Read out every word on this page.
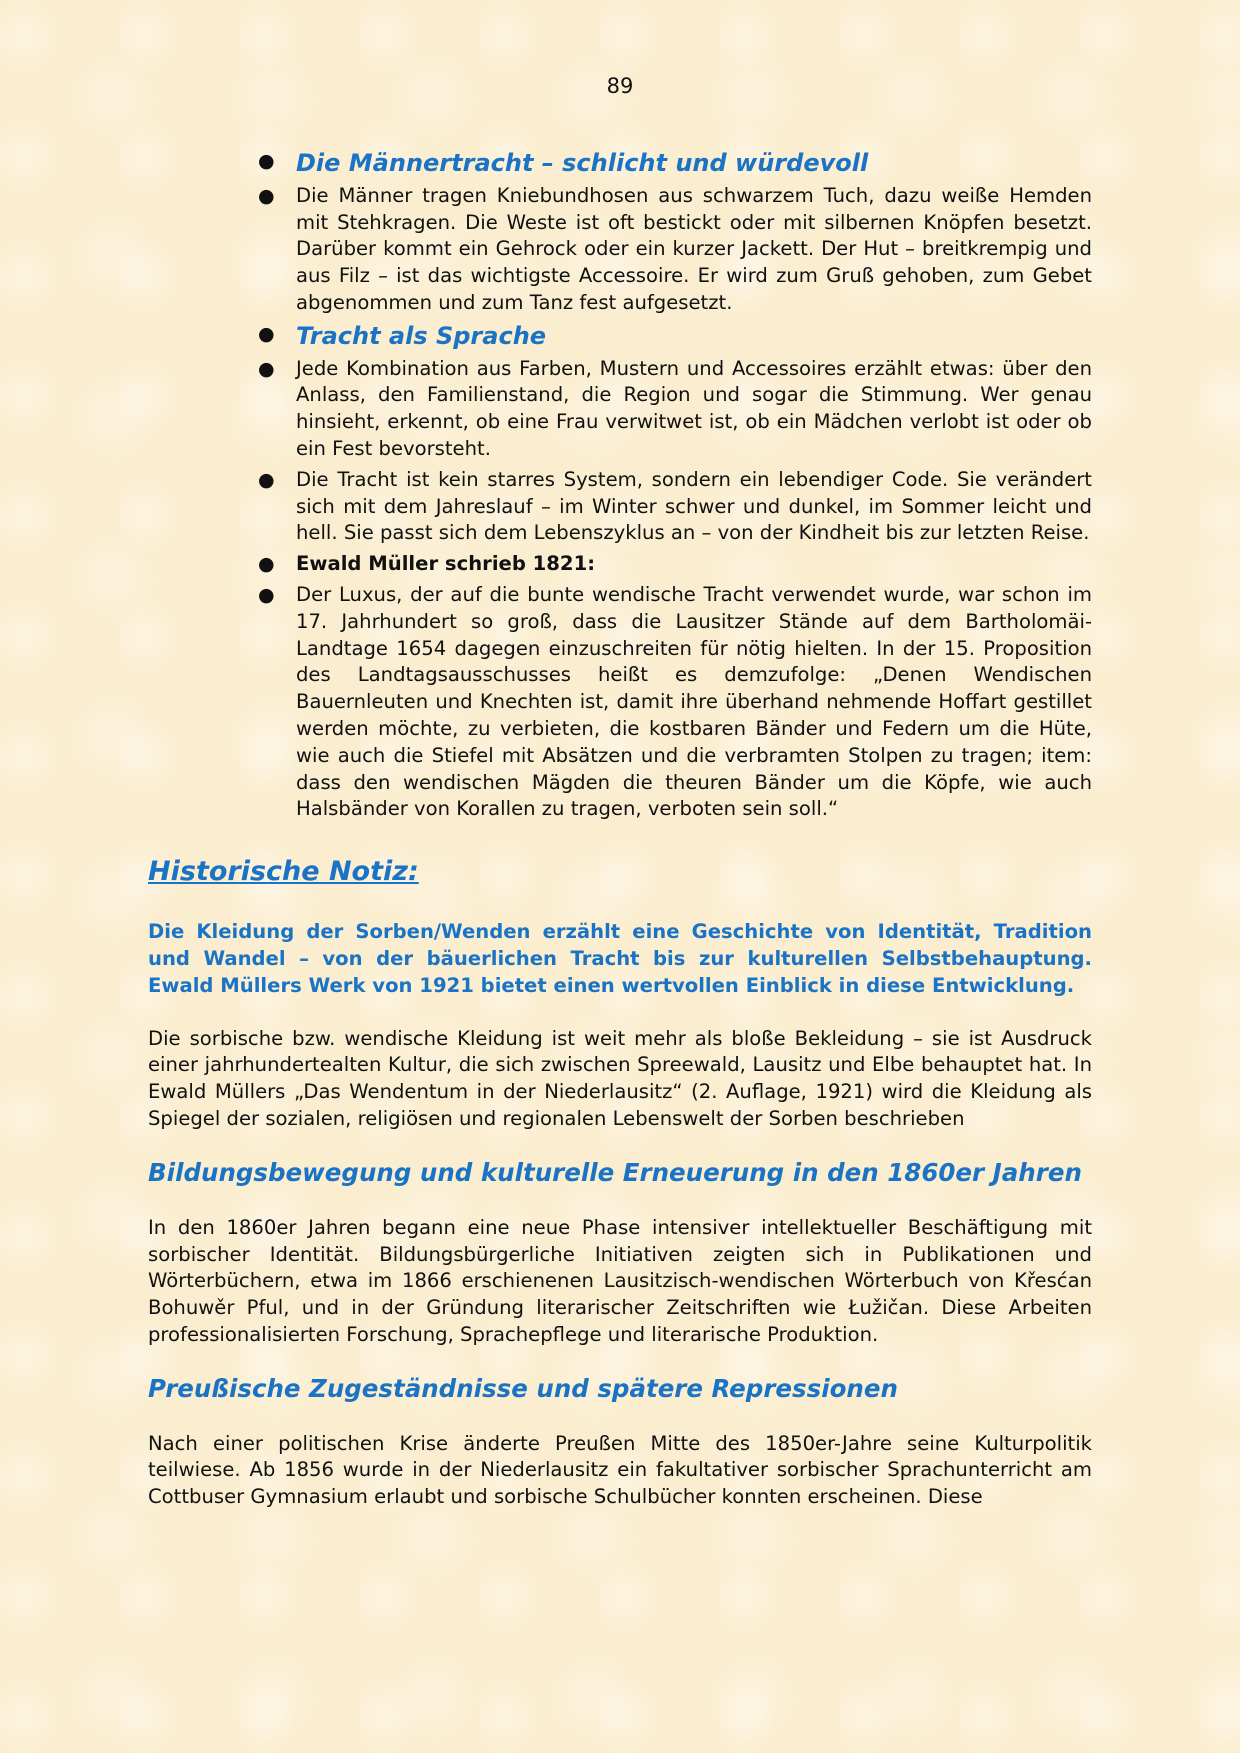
89
● Die Männertracht – schlicht und würdevoll
● Die Männer tragen Kniebundhosen aus schwarzem Tuch, dazu weiße Hemden mit Stehkragen. Die Weste ist oft bestickt oder mit silbernen Knöpfen besetzt. Darüber kommt ein Gehrock oder ein kurzer Jackett. Der Hut – breitkrempig und aus Filz – ist das wichtigste Accessoire. Er wird zum Gruß gehoben, zum Gebet abgenommen und zum Tanz fest aufgesetzt.
● Tracht als Sprache
● Jede Kombination aus Farben, Mustern und Accessoires erzählt etwas: über den Anlass, den Familienstand, die Region und sogar die Stimmung. Wer genau hinsieht, erkennt, ob eine Frau verwitwet ist, ob ein Mädchen verlobt ist oder ob ein Fest bevorsteht.
● Die Tracht ist kein starres System, sondern ein lebendiger Code. Sie verändert sich mit dem Jahreslauf – im Winter schwer und dunkel, im Sommer leicht und hell. Sie passt sich dem Lebenszyklus an – von der Kindheit bis zur letzten Reise.
● Ewald Müller schrieb 1821:
● Der Luxus, der auf die bunte wendische Tracht verwendet wurde, war schon im 17. Jahrhundert so groß, dass die Lausitzer Stände auf dem Bartholomäi-Landtage 1654 dagegen einzuschreiten für nötig hielten. In der 15. Proposition des Landtagsausschusses heißt es demzufolge: „Denen Wendischen Bauernleuten und Knechten ist, damit ihre überhand nehmende Hoffart gestillet werden möchte, zu verbieten, die kostbaren Bänder und Federn um die Hüte, wie auch die Stiefel mit Absätzen und die verbramten Stolpen zu tragen; item: dass den wendischen Mägden die theuren Bänder um die Köpfe, wie auch Halsbänder von Korallen zu tragen, verboten sein soll.“
Historische Notiz:

Die Kleidung der Sorben/Wenden erzählt eine Geschichte von Identität, Tradition und Wandel – von der bäuerlichen Tracht bis zur kulturellen Selbstbehauptung. Ewald Müllers Werk von 1921 bietet einen wertvollen Einblick in diese Entwicklung.

Die sorbische bzw. wendische Kleidung ist weit mehr als bloße Bekleidung – sie ist Ausdruck einer jahrhundertealten Kultur, die sich zwischen Spreewald, Lausitz und Elbe behauptet hat. In Ewald Müllers „Das Wendentum in der Niederlausitz“ (2. Auflage, 1921) wird die Kleidung als Spiegel der sozialen, religiösen und regionalen Lebenswelt der Sorben beschrieben

Bildungsbewegung und kulturelle Erneuerung in den 1860er Jahren

In den 1860er Jahren begann eine neue Phase intensiver intellektueller Beschäftigung mit sorbischer Identität. Bildungsbürgerliche Initiativen zeigten sich in Publikationen und Wörterbüchern, etwa im 1866 erschienenen Lausitzisch-wendischen Wörterbuch von Křesćan Bohuwěr Pful, und in der Gründung literarischer Zeitschriften wie Łužičan. Diese Arbeiten professionalisierten Forschung, Sprachepflege und literarische Produktion.

Preußische Zugeständnisse und spätere Repressionen

Nach einer politischen Krise änderte Preußen Mitte des 1850er-Jahre seine Kulturpolitik teilwiese. Ab 1856 wurde in der Niederlausitz ein fakultativer sorbischer Sprachunterricht am Cottbuser Gymnasium erlaubt und sorbische Schulbücher konnten erscheinen. Diese
